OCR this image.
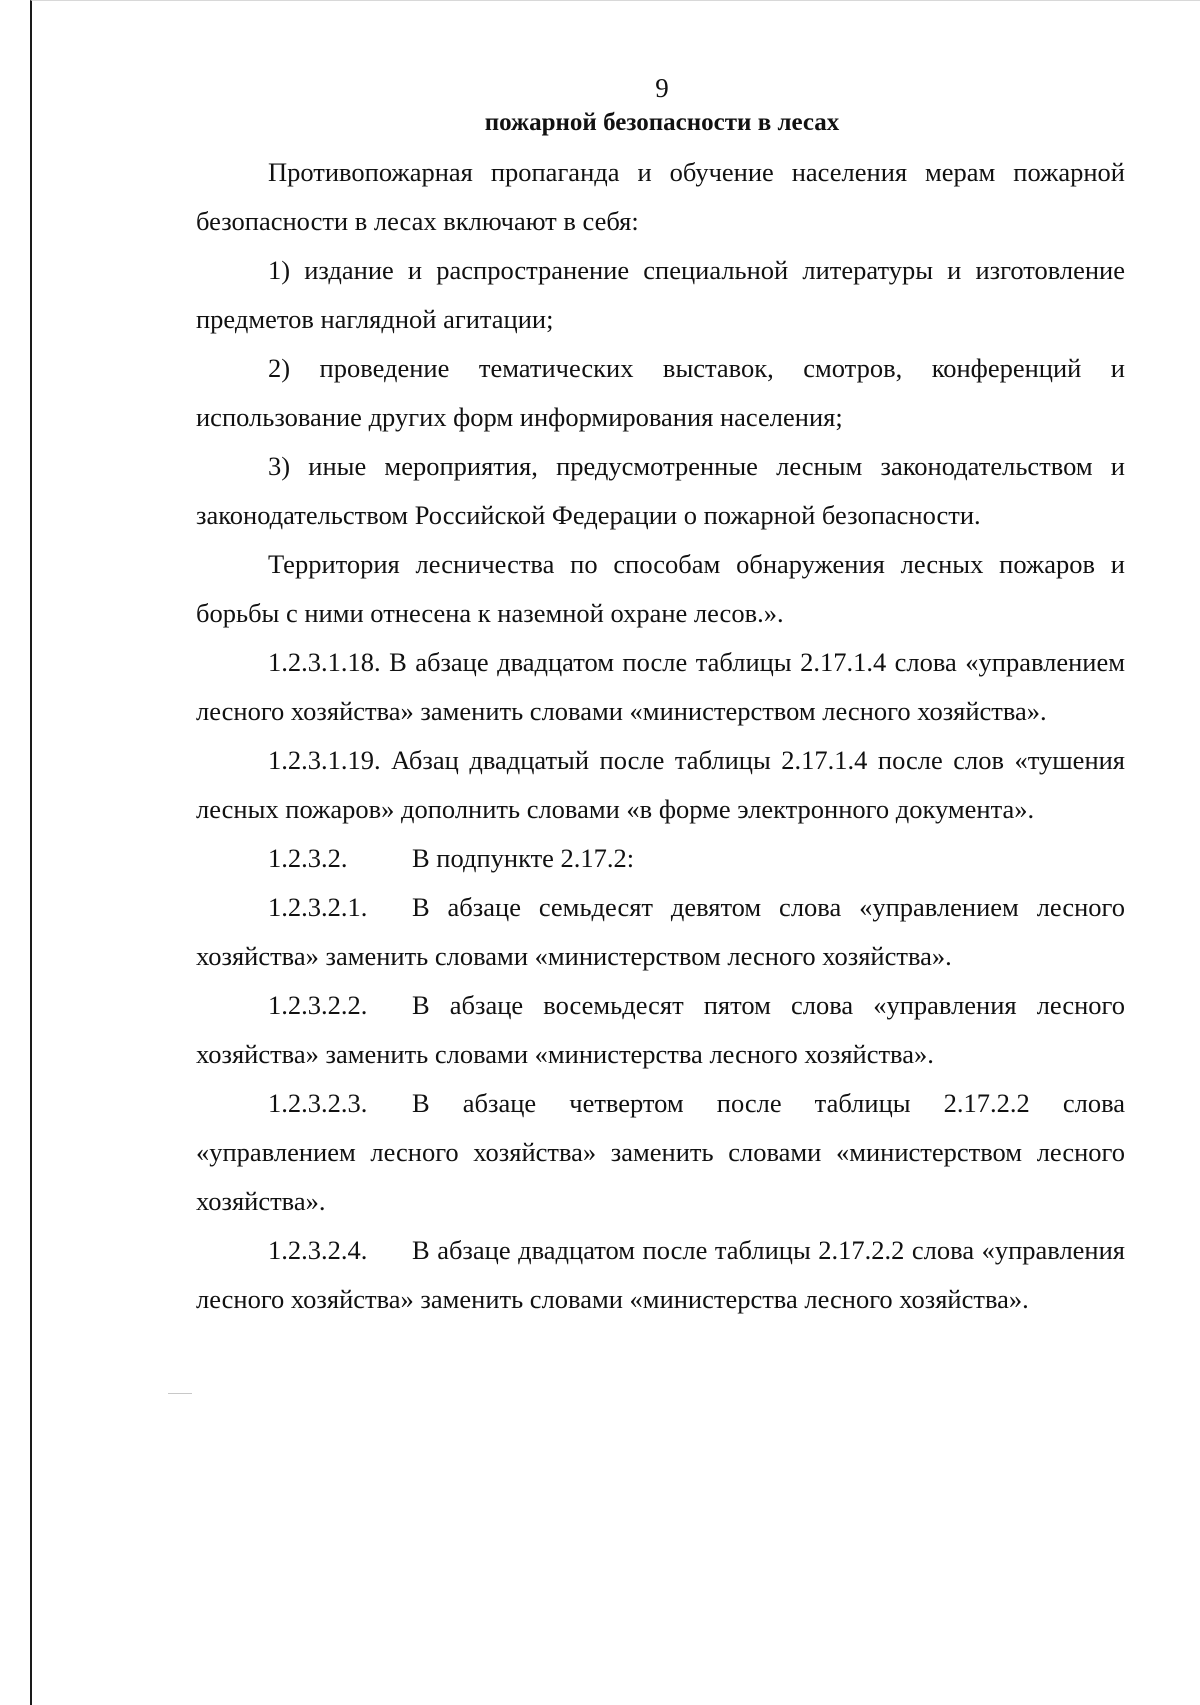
9
пожарной безопасности в лесах

Противопожарная пропаганда и обучение населения мерам пожарной безопасности в лесах включают в себя:

1) издание и распространение специальной литературы и изготовление предметов наглядной агитации;

2) проведение тематических выставок, смотров, конференций и использование других форм информирования населения;

3) иные мероприятия, предусмотренные лесным законодательством и законодательством Российской Федерации о пожарной безопасности.

Территория лесничества по способам обнаружения лесных пожаров и борьбы с ними отнесена к наземной охране лесов.».

1.2.3.1.18. В абзаце двадцатом после таблицы 2.17.1.4 слова «управлением лесного хозяйства» заменить словами «министерством лесного хозяйства».

1.2.3.1.19. Абзац двадцатый после таблицы 2.17.1.4 после слов «тушения лесных пожаров» дополнить словами «в форме электронного документа».

1.2.3.2.	В подпункте 2.17.2:
1.2.3.2.1.	В абзаце семьдесят девятом слова «управлением лесного хозяйства» заменить словами «министерством лесного хозяйства».
1.2.3.2.2.	В абзаце восемьдесят пятом слова «управления лесного хозяйства» заменить словами «министерства лесного хозяйства».
1.2.3.2.3.	В абзаце четвертом после таблицы 2.17.2.2 слова «управлением лесного хозяйства» заменить словами «министерством лесного хозяйства».
1.2.3.2.4.	В абзаце двадцатом после таблицы 2.17.2.2 слова «управления лесного хозяйства» заменить словами «министерства лесного хозяйства».
